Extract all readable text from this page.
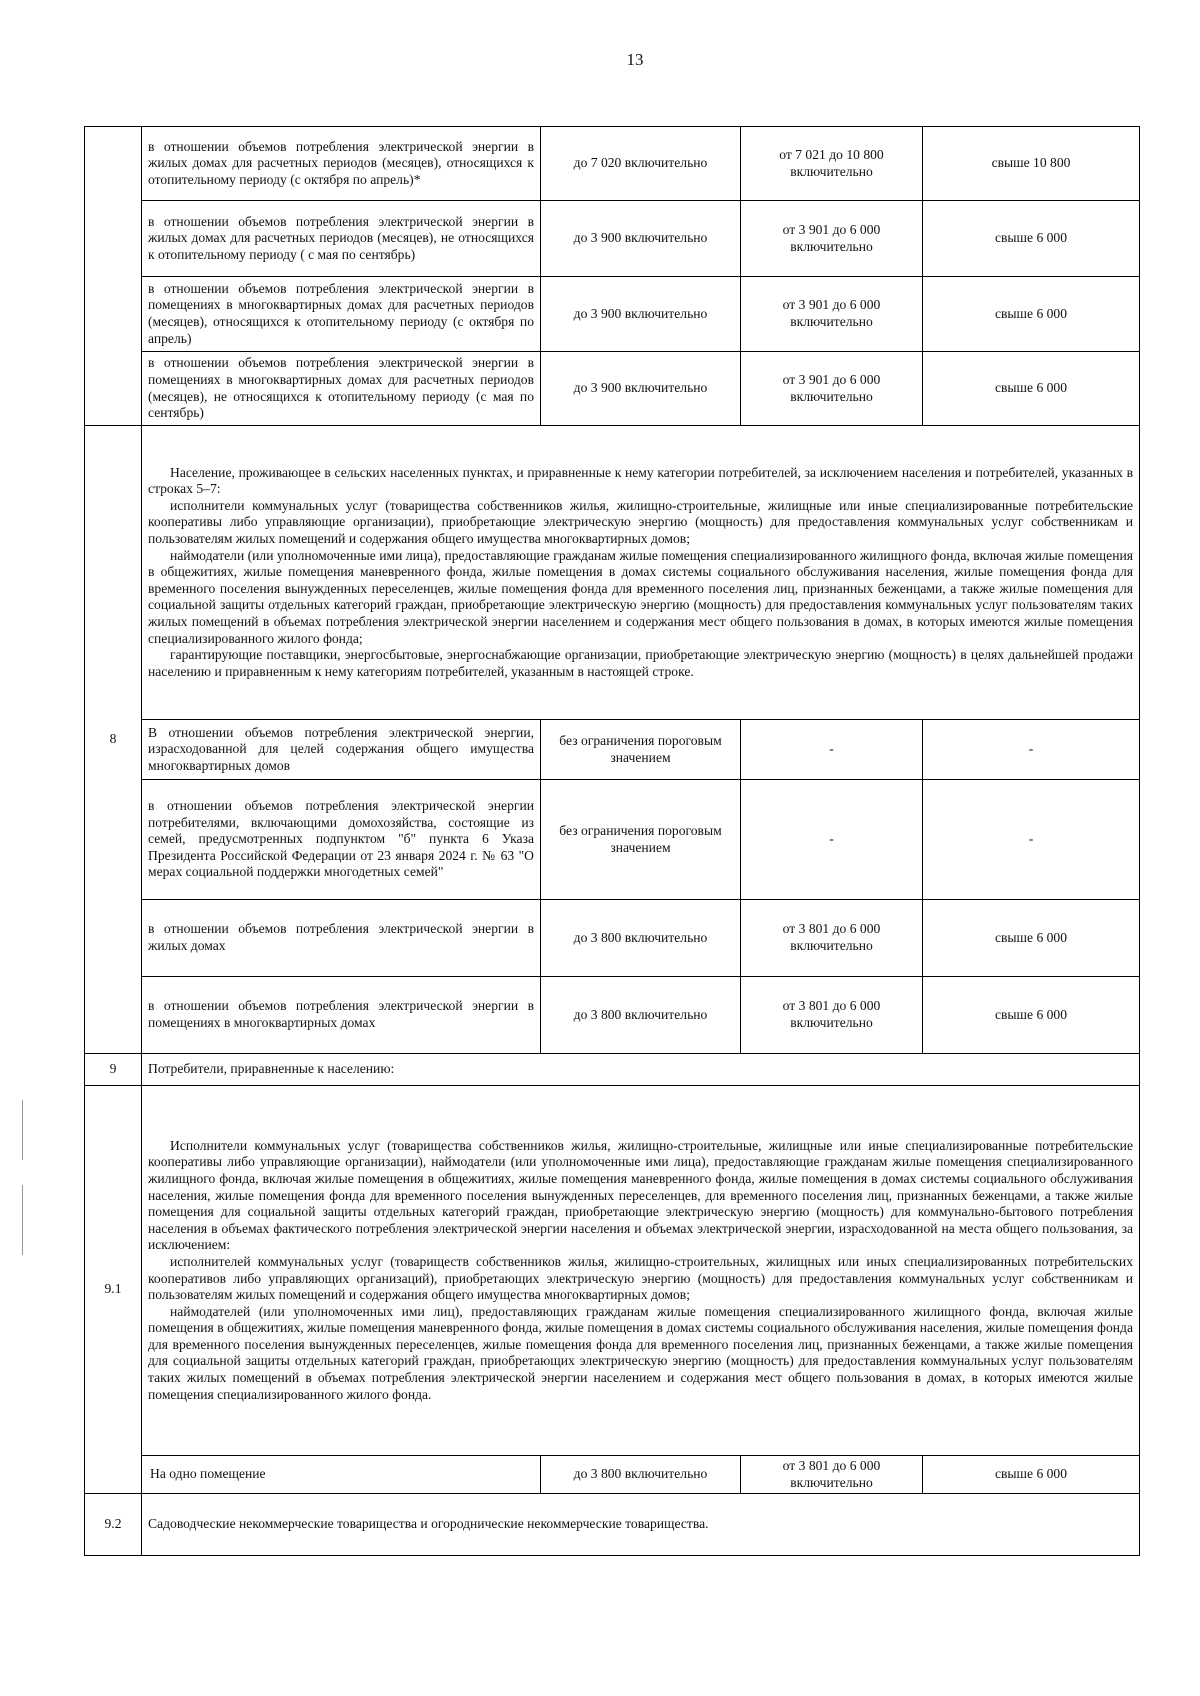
13
	в отношении объемов потребления электрической энергии в жилых домах для расчетных периодов (месяцев), относящихся к отопительному периоду (с октября по апрель)*	до 7 020 включительно	от 7 021 до 10 800 включительно	свыше 10 800
	в отношении объемов потребления электрической энергии в жилых домах для расчетных периодов (месяцев), не относящихся к отопительному периоду ( с мая по сентябрь)	до 3 900 включительно	от 3 901 до 6 000 включительно	свыше 6 000
	в отношении объемов потребления электрической энергии в помещениях в многоквартирных домах для расчетных периодов (месяцев), относящихся к отопительному периоду (с октября по апрель)	до 3 900 включительно	от 3 901 до 6 000 включительно	свыше 6 000
	в отношении объемов потребления электрической энергии в помещениях в многоквартирных домах для расчетных периодов (месяцев), не относящихся к отопительному периоду (с мая по сентябрь)	до 3 900 включительно	от 3 901 до 6 000 включительно	свыше 6 000
8	Население, проживающее в сельских населенных пунктах, и приравненные к нему категории потребителей, за исключением населения и потребителей, указанных в строках 5–7:

исполнители коммунальных услуг (товарищества собственников жилья, жилищно-строительные, жилищные или иные специализированные потребительские кооперативы либо управляющие организации), приобретающие электрическую энергию (мощность) для предоставления коммунальных услуг собственникам и пользователям жилых помещений и содержания общего имущества многоквартирных домов;

наймодатели (или уполномоченные ими лица), предоставляющие гражданам жилые помещения специализированного жилищного фонда, включая жилые помещения в общежитиях, жилые помещения маневренного фонда, жилые помещения в домах системы социального обслуживания населения, жилые помещения фонда для временного поселения вынужденных переселенцев, жилые помещения фонда для временного поселения лиц, признанных беженцами, а также жилые помещения для социальной защиты отдельных категорий граждан, приобретающие электрическую энергию (мощность) для предоставления коммунальных услуг пользователям таких жилых помещений в объемах потребления электрической энергии населением и содержания мест общего пользования в домах, в которых имеются жилые помещения специализированного жилого фонда;

гарантирующие поставщики, энергосбытовые, энергоснабжающие организации, приобретающие электрическую энергию (мощность) в целях дальнейшей продажи населению и приравненным к нему категориям потребителей, указанным в настоящей строке.			

	В отношении объемов потребления электрической энергии, израсходованной для целей содержания общего имущества многоквартирных домов	без ограничения пороговым значением	-	-
	в отношении объемов потребления электрической энергии потребителями, включающими домохозяйства, состоящие из семей, предусмотренных подпунктом "б" пункта 6 Указа Президента Российской Федерации от 23 января 2024 г. № 63 "О мерах социальной поддержки многодетных семей"	без ограничения пороговым значением	-	-
	в отношении объемов потребления электрической энергии в жилых домах	до 3 800 включительно	от 3 801 до 6 000 включительно	свыше 6 000
	в отношении объемов потребления электрической энергии в помещениях в многоквартирных домах	до 3 800 включительно	от 3 801 до 6 000 включительно	свыше 6 000
9	Потребители, приравненные к населению:			
9.1	Исполнители коммунальных услуг (товарищества собственников жилья, жилищно-строительные, жилищные или иные специализированные потребительские кооперативы либо управляющие организации), наймодатели (или уполномоченные ими лица), предоставляющие гражданам жилые помещения специализированного жилищного фонда, включая жилые помещения в общежитиях, жилые помещения маневренного фонда, жилые помещения в домах системы социального обслуживания населения, жилые помещения фонда для временного поселения вынужденных переселенцев, для временного поселения лиц, признанных беженцами, а также жилые помещения для социальной защиты отдельных категорий граждан, приобретающие электрическую энергию (мощность) для коммунально-бытового потребления населения в объемах фактического потребления электрической энергии населения и объемах электрической энергии, израсходованной на места общего пользования, за исключением:

исполнителей коммунальных услуг (товариществ собственников жилья, жилищно-строительных, жилищных или иных специализированных потребительских кооперативов либо управляющих организаций), приобретающих электрическую энергию (мощность) для предоставления коммунальных услуг собственникам и пользователям жилых помещений и содержания общего имущества многоквартирных домов;

наймодателей (или уполномоченных ими лиц), предоставляющих гражданам жилые помещения специализированного жилищного фонда, включая жилые помещения в общежитиях, жилые помещения маневренного фонда, жилые помещения в домах системы социального обслуживания населения, жилые помещения фонда для временного поселения вынужденных переселенцев, жилые помещения фонда для временного поселения лиц, признанных беженцами, а также жилые помещения для социальной защиты отдельных категорий граждан, приобретающих электрическую энергию (мощность) для предоставления коммунальных услуг пользователям таких жилых помещений в объемах потребления электрической энергии населением и содержания мест общего пользования в домах, в которых имеются жилые помещения специализированного жилого фонда.			

	На одно помещение	до 3 800 включительно	от 3 801 до 6 000 включительно	свыше 6 000
9.2	Садоводческие некоммерческие товарищества и огороднические некоммерческие товарищества.			
